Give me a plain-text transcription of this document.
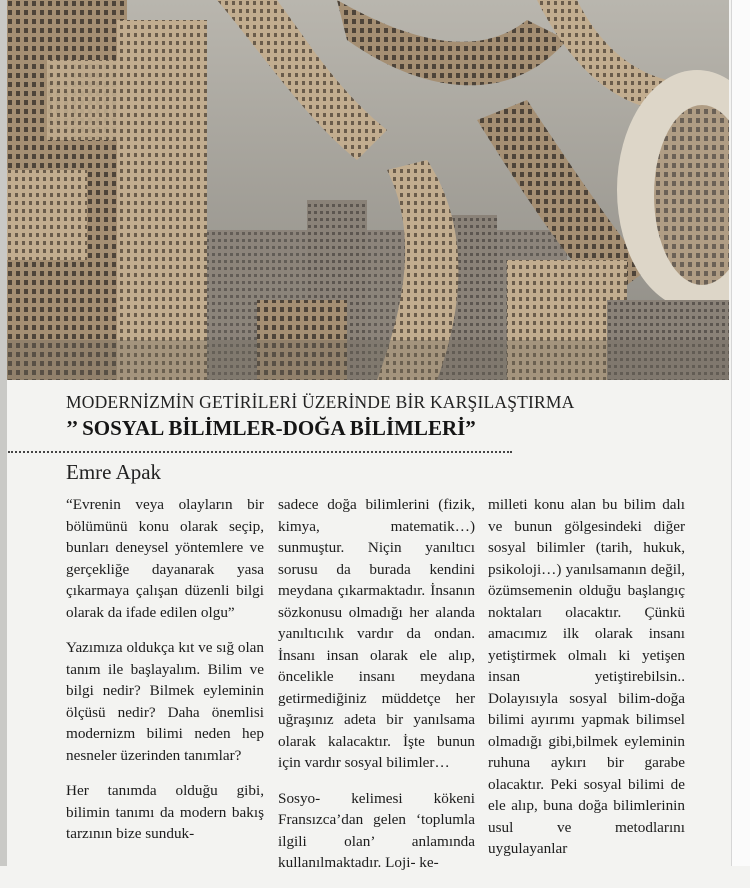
MODERNİZMİN GETİRİLERİ ÜZERİNDE BİR KARŞILAŞTIRMA
’’ SOSYAL BİLİMLER-DOĞA BİLİMLERİ”
Emre Apak

“Evrenin veya olayların bir bölümünü konu olarak seçip, bunları deneysel yöntemlere ve gerçekliğe dayanarak yasa çıkarmaya çalışan düzenli bilgi olarak da ifade edilen olgu”

Yazımıza oldukça kıt ve sığ olan tanım ile başlayalım. Bilim ve bilgi nedir? Bilmek eyleminin ölçüsü nedir? Daha önemlisi modernizm bilimi neden hep nesneler üzerinden tanımlar?

Her tanımda olduğu gibi, bilimin tanımı da modern bakış tarzının bize sunduk-

sadece doğa bilimlerini (fizik, kimya, matematik…) sunmuştur. Niçin yanıltıcı sorusu da burada kendini meydana çıkarmaktadır. İnsanın sözkonusu olmadığı her alanda yanıltıcılık vardır da ondan. İnsanı insan olarak ele alıp, öncelikle insanı meydana getirmediğiniz müddetçe her uğraşınız adeta bir yanılsama olarak kalacaktır. İşte bunun için vardır sosyal bilimler…

Sosyo- kelimesi kökeni Fransızca’dan gelen ‘toplumla ilgili olan’ anlamında kullanılmaktadır. Loji- ke-

milleti konu alan bu bilim dalı ve bunun gölgesindeki diğer sosyal bilimler (tarih, hukuk, psikoloji…) yanılsamanın değil, özümsemenin olduğu başlangıç noktaları olacaktır. Çünkü amacımız ilk olarak insanı yetiştirmek olmalı ki yetişen insan yetiştirebilsin.. Dolayısıyla sosyal bilim-doğa bilimi ayırımı yapmak bilimsel olmadığı gibi,bilmek eyleminin ruhuna aykırı bir garabe olacaktır. Peki sosyal bilimi de ele alıp, buna doğa bilimlerinin usul ve metodlarını uygulayanlar
